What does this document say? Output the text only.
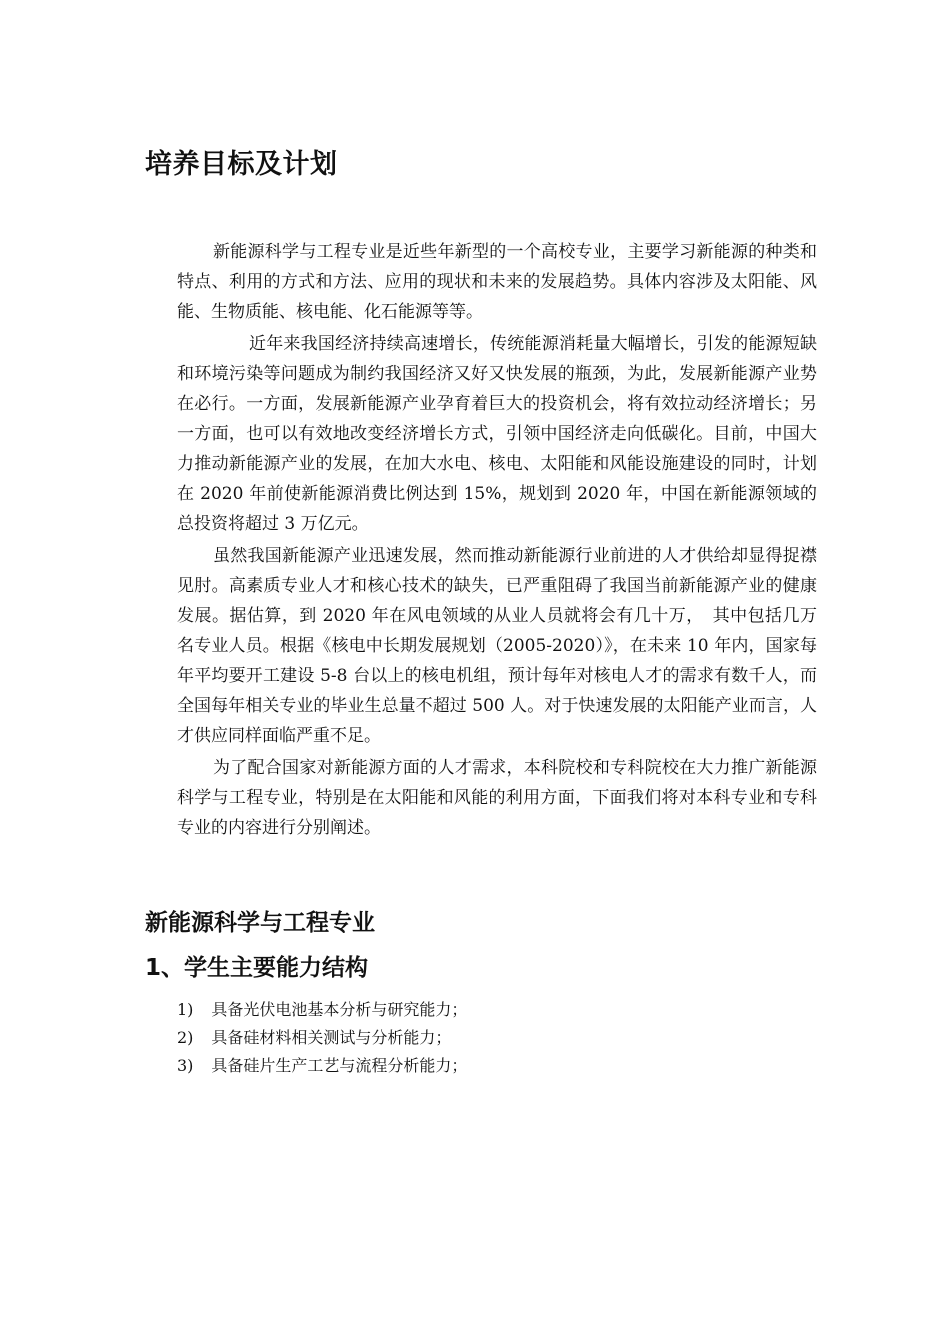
培养目标及计划

新能源科学与工程专业是近些年新型的一个高校专业，主要学习新能源的种类和特点、利用的方式和方法、应用的现状和未来的发展趋势。具体内容涉及太阳能、风能、生物质能、核电能、化石能源等等。

近年来我国经济持续高速增长，传统能源消耗量大幅增长，引发的能源短缺和环境污染等问题成为制约我国经济又好又快发展的瓶颈，为此，发展新能源产业势在必行。一方面，发展新能源产业孕育着巨大的投资机会，将有效拉动经济增长；另一方面，也可以有效地改变经济增长方式，引领中国经济走向低碳化。目前，中国大力推动新能源产业的发展，在加大水电、核电、太阳能和风能设施建设的同时，计划在 2020 年前使新能源消费比例达到 15%，规划到 2020 年，中国在新能源领域的总投资将超过 3 万亿元。

虽然我国新能源产业迅速发展，然而推动新能源行业前进的人才供给却显得捉襟见肘。高素质专业人才和核心技术的缺失，已严重阻碍了我国当前新能源产业的健康发展。据估算，到 2020 年在风电领域的从业人员就将会有几十万，　其中包括几万名专业人员。根据《核电中长期发展规划（2005-2020）》，在未来 10 年内，国家每年平均要开工建设 5-8 台以上的核电机组，预计每年对核电人才的需求有数千人，而全国每年相关专业的毕业生总量不超过 500 人。对于快速发展的太阳能产业而言，人才供应同样面临严重不足。

为了配合国家对新能源方面的人才需求，本科院校和专科院校在大力推广新能源科学与工程专业，特别是在太阳能和风能的利用方面，下面我们将对本科专业和专科专业的内容进行分别阐述。

新能源科学与工程专业
1、学生主要能力结构
1) 具备光伏电池基本分析与研究能力；
2) 具备硅材料相关测试与分析能力；
3) 具备硅片生产工艺与流程分析能力；
